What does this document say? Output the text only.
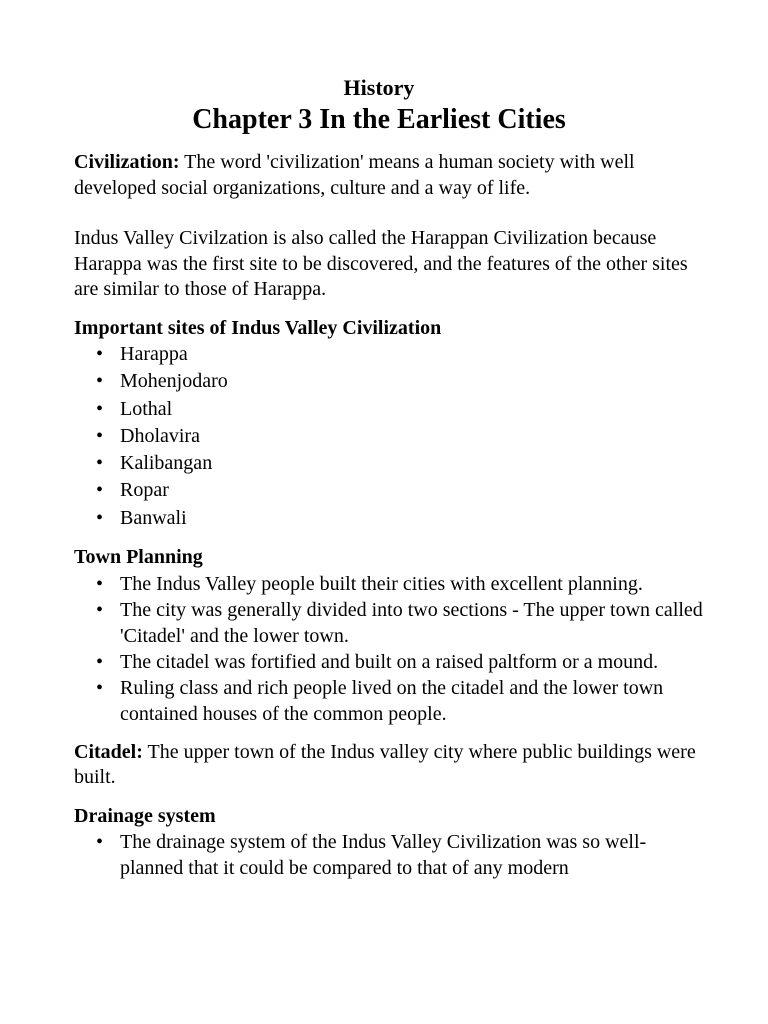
History
Chapter 3 In the Earliest Cities

Civilization: The word 'civilization' means a human society with well developed social organizations, culture and a way of life.

Indus Valley Civilzation is also called the Harappan Civilization because Harappa was the first site to be discovered, and the features of the other sites are similar to those of Harappa.

Important sites of Indus Valley Civilization
• Harappa
• Mohenjodaro
• Lothal
• Dholavira
• Kalibangan
• Ropar
• Banwali
Town Planning
• The Indus Valley people built their cities with excellent planning.
• The city was generally divided into two sections - The upper town called 'Citadel' and the lower town.
• The citadel was fortified and built on a raised paltform or a mound.
• Ruling class and rich people lived on the citadel and the lower town contained houses of the common people.

Citadel: The upper town of the Indus valley city where public buildings were built.

Drainage system
• The drainage system of the Indus Valley Civilization was so well- planned that it could be compared to that of any modern
